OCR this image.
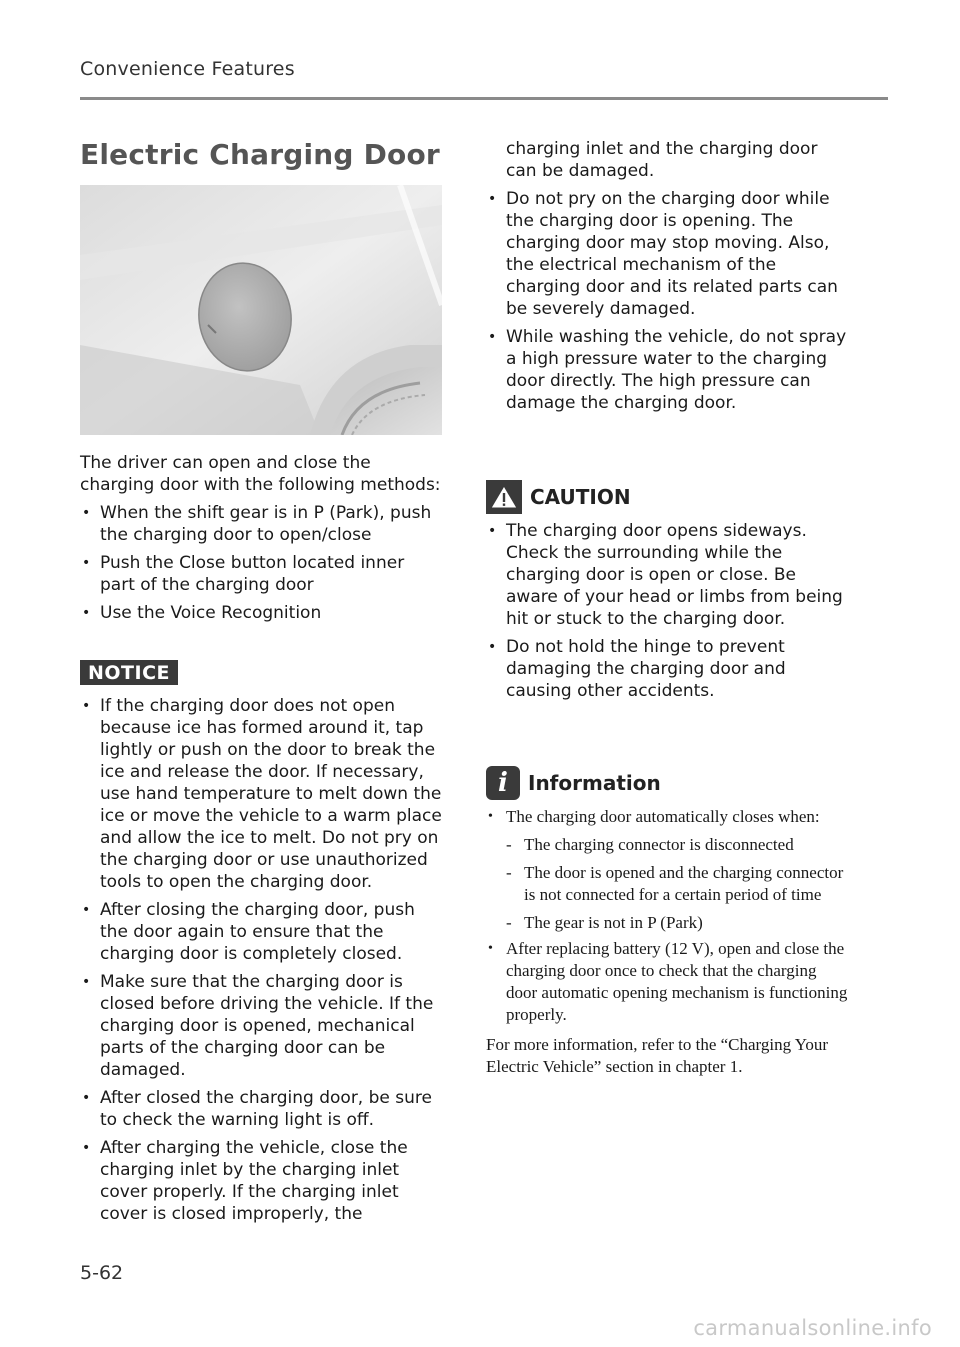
Convenience Features
Electric Charging Door

The driver can open and close the charging door with the following methods:

• When the shift gear is in P (Park), push the charging door to open/close
• Push the Close button located inner part of the charging door
• Use the Voice Recognition
NOTICE
• If the charging door does not open because ice has formed around it, tap lightly or push on the door to break the ice and release the door. If necessary, use hand temperature to melt down the ice or move the vehicle to a warm place and allow the ice to melt. Do not pry on the charging door or use unauthorized tools to open the charging door.
• After closing the charging door, push the door again to ensure that the charging door is completely closed.
• Make sure that the charging door is closed before driving the vehicle. If the charging door is opened, mechanical parts of the charging door can be damaged.
• After closed the charging door, be sure to check the warning light is off.
• After charging the vehicle, close the charging inlet by the charging inlet cover properly. If the charging inlet cover is closed improperly, the
charging inlet and the charging door can be damaged.
• Do not pry on the charging door while the charging door is opening. The charging door may stop moving. Also, the electrical mechanism of the charging door and its related parts can be severely damaged.
• While washing the vehicle, do not spray a high pressure water to the charging door directly. The high pressure can damage the charging door.
CAUTION
• The charging door opens sideways. Check the surrounding while the charging door is open or close. Be aware of your head or limbs from being hit or stuck to the charging door.
• Do not hold the hinge to prevent damaging the charging door and causing other accidents.
i	Information
• The charging door automatically closes when:
- The charging connector is disconnected
- The door is opened and the charging connector is not connected for a certain period of time
- The gear is not in P (Park)
• After replacing battery (12 V), open and close the charging door once to check that the charging door automatic opening mechanism is functioning properly.

For more information, refer to the “Charging Your Electric Vehicle” section in chapter 1.

5-62
carmanualsonline.info
